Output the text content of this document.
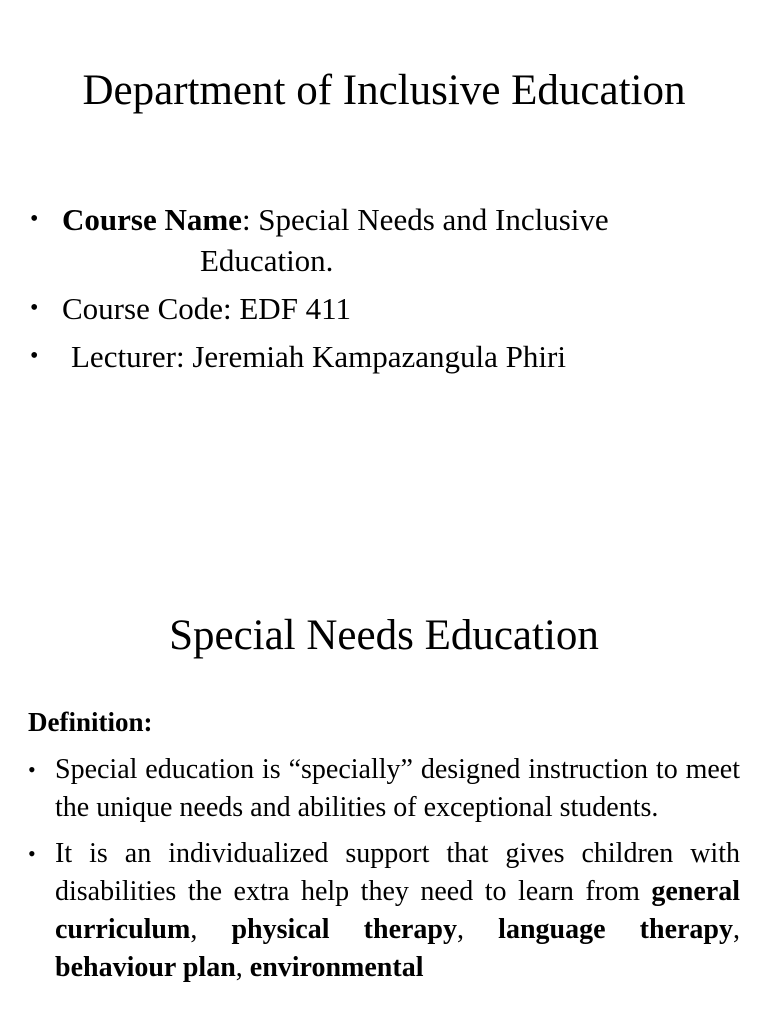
Department of Inclusive Education
• Course Name: Special Needs and Inclusive
Education.
• Course Code: EDF 411
• Lecturer: Jeremiah Kampazangula Phiri
Special Needs Education
Definition:
• Special education is “specially” designed instruction to meet the unique needs and abilities of exceptional students.
• It is an individualized support that gives children with disabilities the extra help they need to learn from general curriculum, physical therapy, language therapy, behaviour plan, environmental
